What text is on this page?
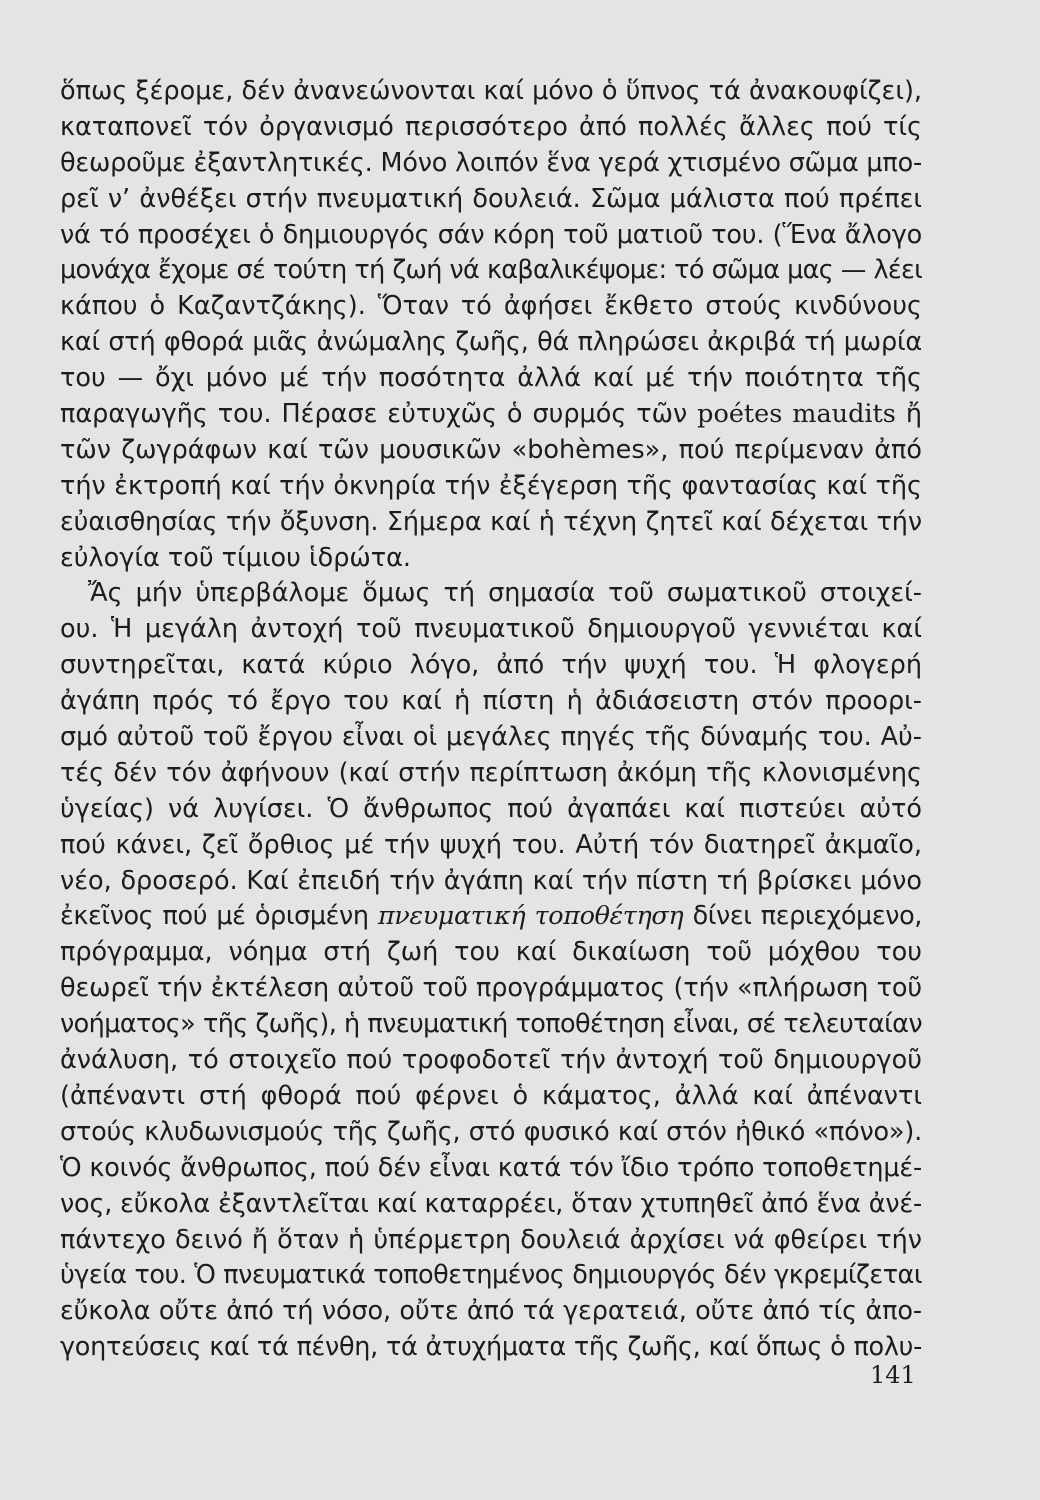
ὅπως ξέρομε, δέν ἀνανεώνονται καί μόνο ὁ ὕπνος τά ἀνακουφίζει),
καταπονεῖ τόν ὀργανισμό περισσότερο ἀπό πολλές ἄλλες πού τίς
θεωροῦμε ἐξαντλητικές. Μόνο λοιπόν ἕνα γερά χτισμένο σῶμα μπο-
ρεῖ ν’ ἀνθέξει στήν πνευματική δουλειά. Σῶμα μάλιστα πού πρέπει
νά τό προσέχει ὁ δημιουργός σάν κόρη τοῦ ματιοῦ του. (Ἕνα ἄλογο
μονάχα ἔχομε σέ τούτη τή ζωή νά καβαλικέψομε: τό σῶμα μας — λέει
κάπου ὁ Καζαντζάκης). Ὅταν τό ἀφήσει ἔκθετο στούς κινδύνους
καί στή φθορά μιᾶς ἀνώμαλης ζωῆς, θά πληρώσει ἀκριβά τή μωρία
του — ὄχι μόνο μέ τήν ποσότητα ἀλλά καί μέ τήν ποιότητα τῆς
παραγωγῆς του. Πέρασε εὐτυχῶς ὁ συρμός τῶν poétes maudits ἤ
τῶν ζωγράφων καί τῶν μουσικῶν «bohèmes», πού περίμεναν ἀπό
τήν ἐκτροπή καί τήν ὀκνηρία τήν ἐξέγερση τῆς φαντασίας καί τῆς
εὐαισθησίας τήν ὄξυνση. Σήμερα καί ἡ τέχνη ζητεῖ καί δέχεται τήν
εὐλογία τοῦ τίμιου ἱδρώτα.
Ἄς μήν ὑπερβάλομε ὅμως τή σημασία τοῦ σωματικοῦ στοιχεί-
ου. Ἡ μεγάλη ἀντοχή τοῦ πνευματικοῦ δημιουργοῦ γεννιέται καί
συντηρεῖται, κατά κύριο λόγο, ἀπό τήν ψυχή του. Ἡ φλογερή
ἀγάπη πρός τό ἔργο του καί ἡ πίστη ἡ ἀδιάσειστη στόν προορι-
σμό αὐτοῦ τοῦ ἔργου εἶναι οἱ μεγάλες πηγές τῆς δύναμής του. Αὐ-
τές δέν τόν ἀφήνουν (καί στήν περίπτωση ἀκόμη τῆς κλονισμένης
ὑγείας) νά λυγίσει. Ὁ ἄνθρωπος πού ἀγαπάει καί πιστεύει αὐτό
πού κάνει, ζεῖ ὄρθιος μέ τήν ψυχή του. Αὐτή τόν διατηρεῖ ἀκμαῖο,
νέο, δροσερό. Καί ἐπειδή τήν ἀγάπη καί τήν πίστη τή βρίσκει μόνο
ἐκεῖνος πού μέ ὁρισμένη πνευματική τοποθέτηση δίνει περιεχόμενο,
πρόγραμμα, νόημα στή ζωή του καί δικαίωση τοῦ μόχθου του
θεωρεῖ τήν ἐκτέλεση αὐτοῦ τοῦ προγράμματος (τήν «πλήρωση τοῦ
νοήματος» τῆς ζωῆς), ἡ πνευματική τοποθέτηση εἶναι, σέ τελευταίαν
ἀνάλυση, τό στοιχεῖο πού τροφοδοτεῖ τήν ἀντοχή τοῦ δημιουργοῦ
(ἀπέναντι στή φθορά πού φέρνει ὁ κάματος, ἀλλά καί ἀπέναντι
στούς κλυδωνισμούς τῆς ζωῆς, στό φυσικό καί στόν ἠθικό «πόνο»).
Ὁ κοινός ἄνθρωπος, πού δέν εἶναι κατά τόν ἴδιο τρόπο τοποθετημέ-
νος, εὔκολα ἐξαντλεῖται καί καταρρέει, ὅταν χτυπηθεῖ ἀπό ἕνα ἀνέ-
πάντεχο δεινό ἤ ὅταν ἡ ὑπέρμετρη δουλειά ἀρχίσει νά φθείρει τήν
ὑγεία του. Ὁ πνευματικά τοποθετημένος δημιουργός δέν γκρεμίζεται
εὔκολα οὔτε ἀπό τή νόσο, οὔτε ἀπό τά γερατειά, οὔτε ἀπό τίς ἀπο-
γοητεύσεις καί τά πένθη, τά ἀτυχήματα τῆς ζωῆς, καί ὅπως ὁ πολυ-
141
